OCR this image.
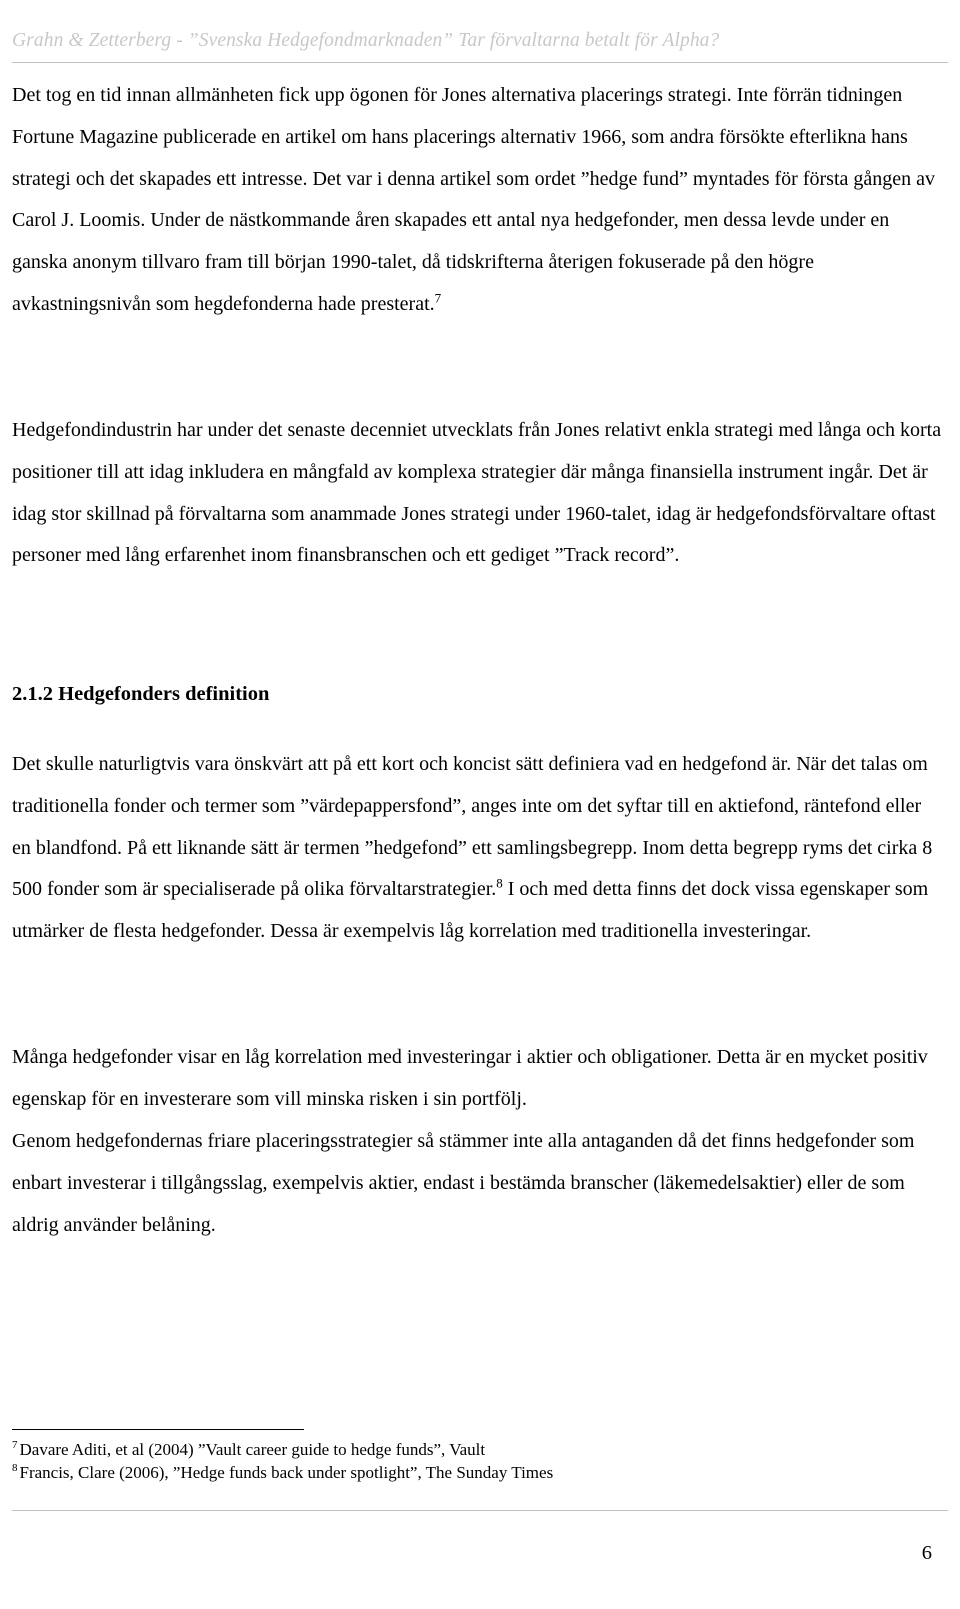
Grahn & Zetterberg - ”Svenska Hedgefondmarknaden” Tar förvaltarna betalt för Alpha?

Det tog en tid innan allmänheten fick upp ögonen för Jones alternativa placerings strategi. Inte förrän tidningen Fortune Magazine publicerade en artikel om hans placerings alternativ 1966, som andra försökte efterlikna hans strategi och det skapades ett intresse. Det var i denna artikel som ordet ”hedge fund” myntades för första gången av Carol J. Loomis. Under de nästkommande åren skapades ett antal nya hedgefonder, men dessa levde under en ganska anonym tillvaro fram till början 1990-talet, då tidskrifterna återigen fokuserade på den högre avkastningsnivån som hegdefonderna hade presterat.$^7$

Hedgefondindustrin har under det senaste decenniet utvecklats från Jones relativt enkla strategi med långa och korta positioner till att idag inkludera en mångfald av komplexa strategier där många finansiella instrument ingår. Det är idag stor skillnad på förvaltarna som anammade Jones strategi under 1960-talet, idag är hedgefondsförvaltare oftast personer med lång erfarenhet inom finansbranschen och ett gediget ”Track record”.

2.1.2 Hedgefonders definition

Det skulle naturligtvis vara önskvärt att på ett kort och koncist sätt definiera vad en hedgefond är. När det talas om traditionella fonder och termer som ”värdepappersfond”, anges inte om det syftar till en aktiefond, räntefond eller en blandfond. På ett liknande sätt är termen ”hedgefond” ett samlingsbegrepp. Inom detta begrepp ryms det cirka 8 500 fonder som är specialiserade på olika förvaltarstrategier.$^8$ I och med detta finns det dock vissa egenskaper som utmärker de flesta hedgefonder. Dessa är exempelvis låg korrelation med traditionella investeringar.

Många hedgefonder visar en låg korrelation med investeringar i aktier och obligationer. Detta är en mycket positiv egenskap för en investerare som vill minska risken i sin portfölj.

Genom hedgefondernas friare placeringsstrategier så stämmer inte alla antaganden då det finns hedgefonder som enbart investerar i tillgångsslag, exempelvis aktier, endast i bestämda branscher (läkemedelsaktier) eller de som aldrig använder belåning.

$^7$ Davare Aditi, et al (2004) ”Vault career guide to hedge funds”, Vault
$^8$ Francis, Clare (2006), ”Hedge funds back under spotlight”, The Sunday Times
6
